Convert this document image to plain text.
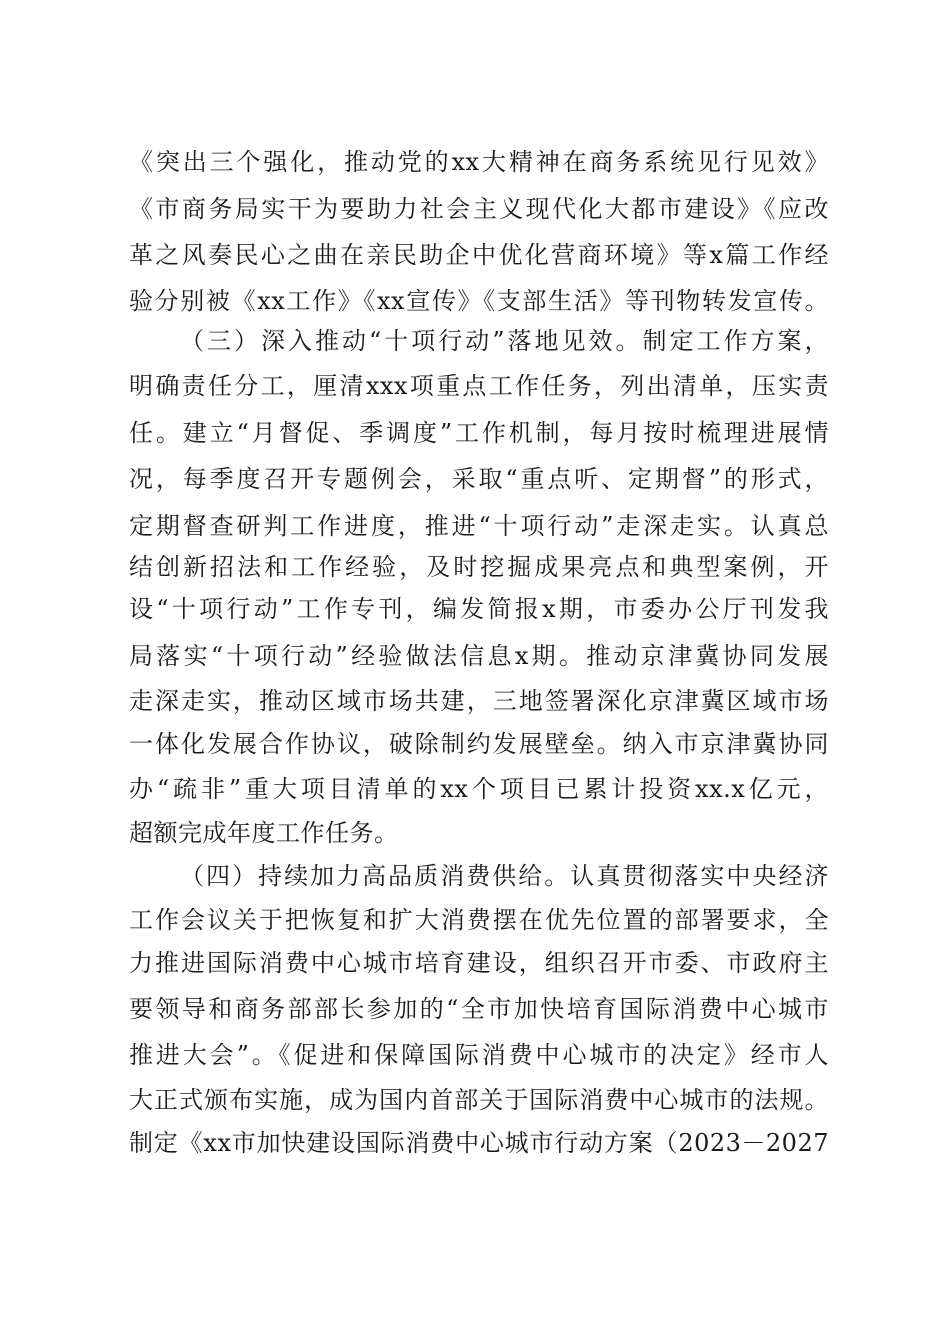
《突出三个强化，推动党的xx大精神在商务系统见行见效》
《市商务局实干为要助力社会主义现代化大都市建设》《应改
革之风奏民心之曲在亲民助企中优化营商环境》等x篇工作经
验分别被《xx工作》《xx宣传》《支部生活》等刊物转发宣传。
（三）深入推动“十项行动”落地见效。制定工作方案，
明确责任分工，厘清xxx项重点工作任务，列出清单，压实责
任。建立“月督促、季调度”工作机制，每月按时梳理进展情
况，每季度召开专题例会，采取“重点听、定期督”的形式，
定期督查研判工作进度，推进“十项行动”走深走实。认真总
结创新招法和工作经验，及时挖掘成果亮点和典型案例，开
设“十项行动”工作专刊，编发简报x期，市委办公厅刊发我
局落实“十项行动”经验做法信息x期。推动京津冀协同发展
走深走实，推动区域市场共建，三地签署深化京津冀区域市场
一体化发展合作协议，破除制约发展壁垒。纳入市京津冀协同
办“疏非”重大项目清单的xx个项目已累计投资xx.x亿元，
超额完成年度工作任务。
（四）持续加力高品质消费供给。认真贯彻落实中央经济
工作会议关于把恢复和扩大消费摆在优先位置的部署要求，全
力推进国际消费中心城市培育建设，组织召开市委、市政府主
要领导和商务部部长参加的“全市加快培育国际消费中心城市
推进大会”。《促进和保障国际消费中心城市的决定》经市人
大正式颁布实施，成为国内首部关于国际消费中心城市的法规。
制定《xx市加快建设国际消费中心城市行动方案（2023－2027
